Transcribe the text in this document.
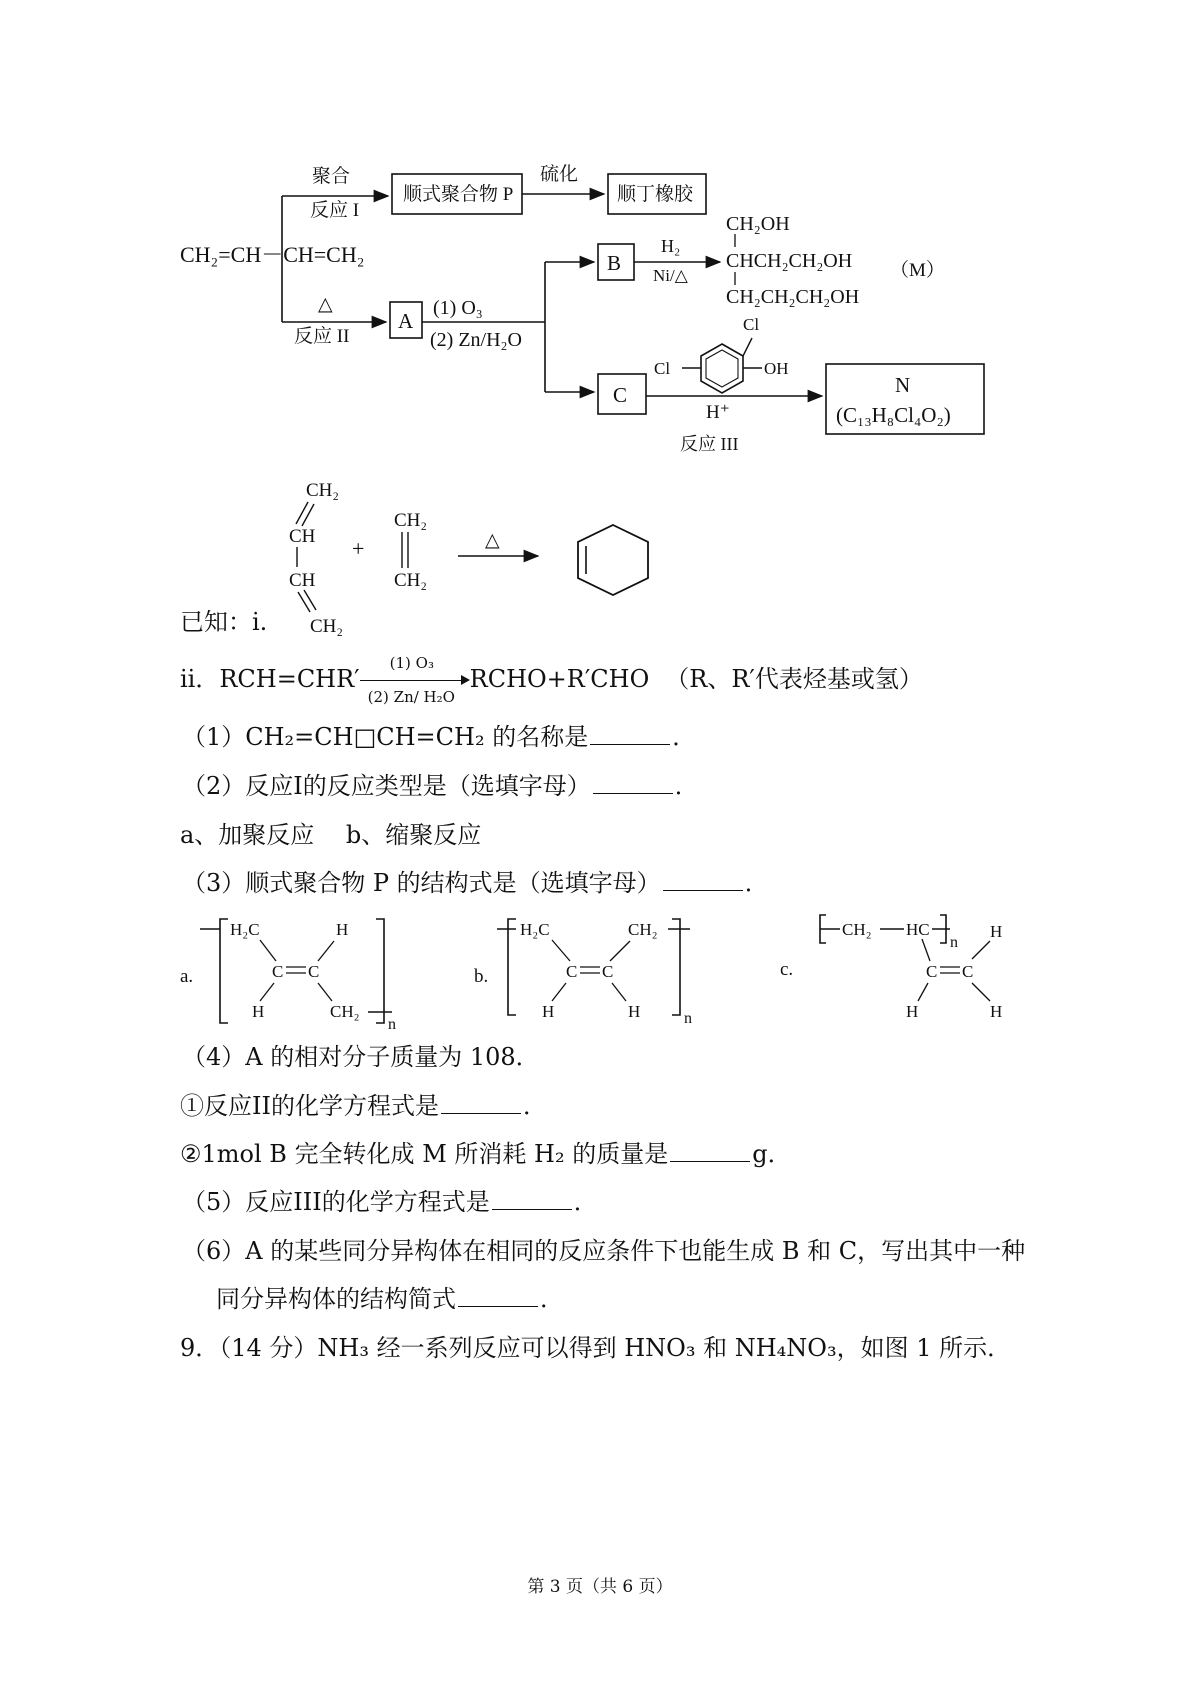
CH₂=CH－CH=CH₂
聚合
反应 I
顺式聚合物 P
硫化
顺丁橡胶
△
反应 II
A
(1) O₃
(2) Zn/H₂O
B
H₂
Ni/△
CH₂OH
CHCH₂CH₂OH
CH₂CH₂CH₂OH
（M）
C
Cl
OH
Cl
H⁺
反应 III
N
(C₁₃H₈Cl₄O₂)
CH₂
CH
CH
CH₂
+
CH₂
CH₂
△
已知：i.
ii．$RCH=CHR' \frac{\text{(1) O₃}}{\text{(2) Zn/ H₂O}}$ RCHO+R′CHO （R、R′代表烃基或氢）
（1）CH₂=CH□CH=CH₂ 的名称是	．
（2）反应I的反应类型是（选填字母）	．
a、加聚反应　 b、缩聚反应
（3）顺式聚合物 P 的结构式是（选填字母）	．
a.
H₂C	H
C C
H	CH₂
n
b.
H₂C	CH₂
C C
H	H	n
c.
CH₂ HC
n
C C
H
H
H
（4）A 的相对分子质量为 108．
①反应II的化学方程式是	．
②1mol B 完全转化成 M 所消耗 H₂ 的质量是	g．
（5）反应III的化学方程式是	．
（6）A 的某些同分异构体在相同的反应条件下也能生成 B 和 C，写出其中一种
同分异构体的结构简式	．
9．（14 分）NH₃ 经一系列反应可以得到 HNO₃ 和 NH₄NO₃，如图 1 所示．
第 3 页（共 6 页）
